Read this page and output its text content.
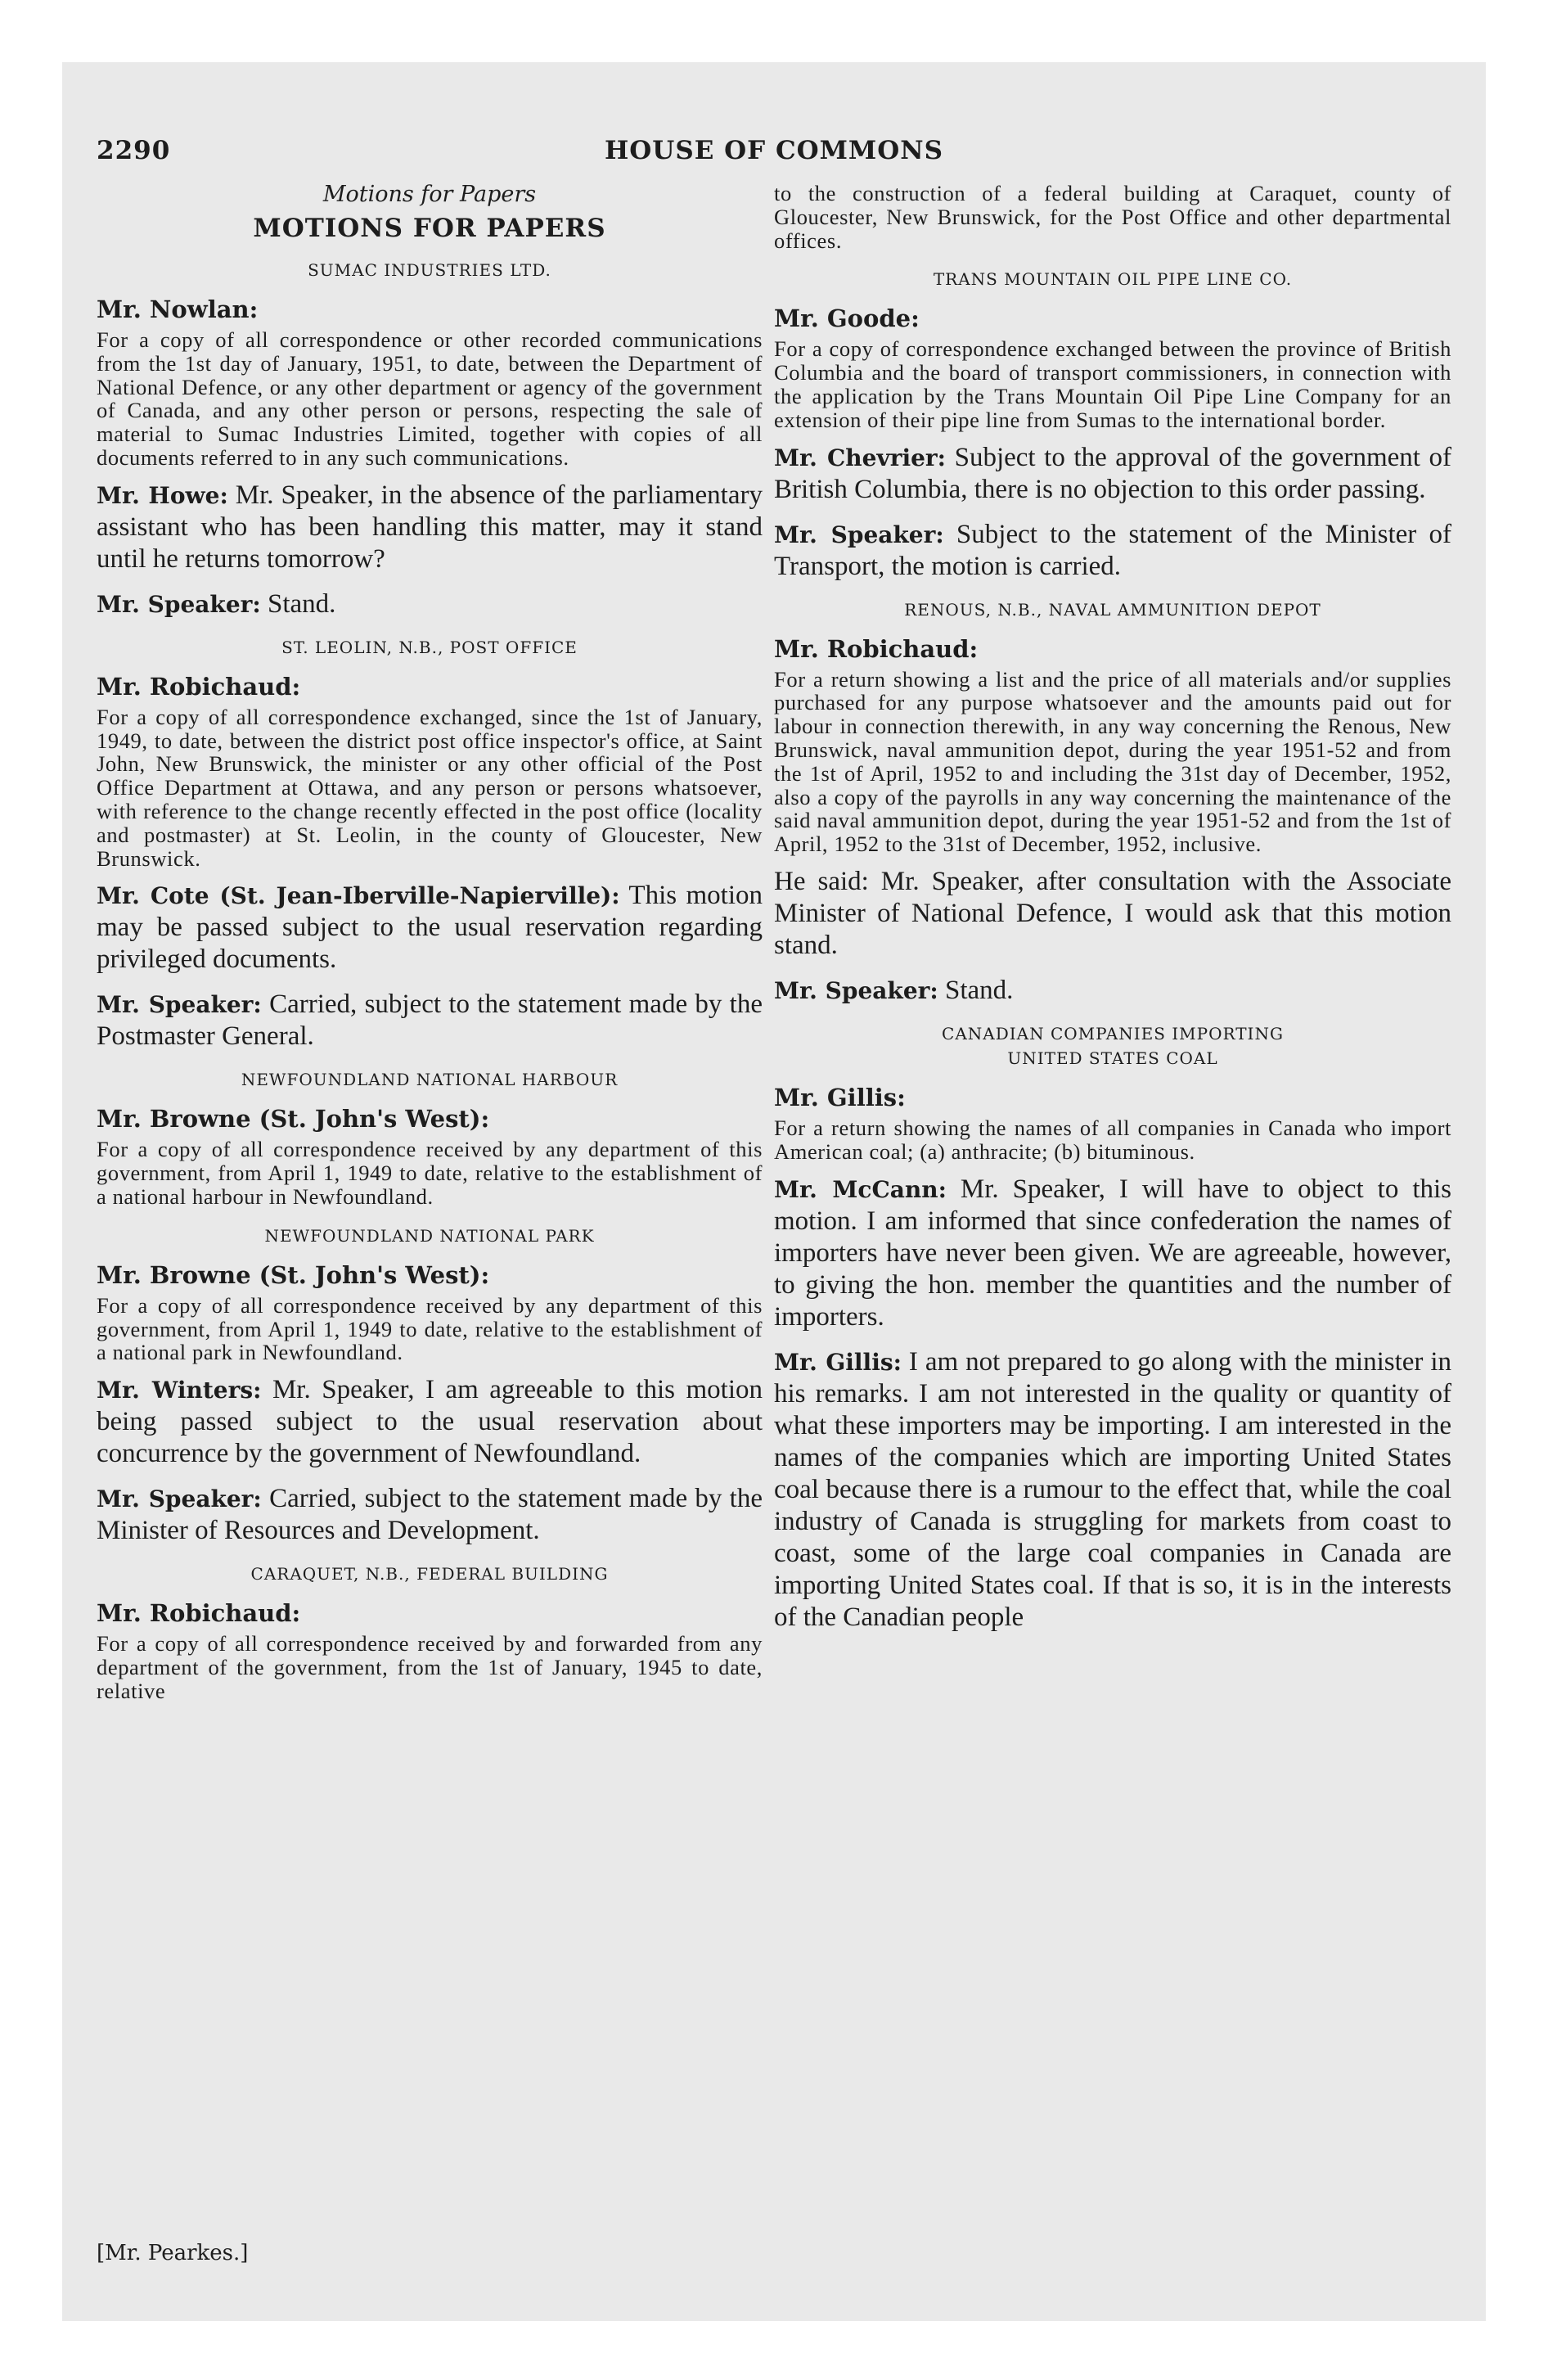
2290	HOUSE OF COMMONS
Motions for Papers
MOTIONS FOR PAPERS
SUMAC INDUSTRIES LTD.
Mr. Nowlan:

For a copy of all correspondence or other recorded communications from the 1st day of January, 1951, to date, between the Department of National Defence, or any other department or agency of the government of Canada, and any other person or persons, respecting the sale of material to Sumac Industries Limited, together with copies of all documents referred to in any such communications.

Mr. Howe: Mr. Speaker, in the absence of the parliamentary assistant who has been handling this matter, may it stand until he returns tomorrow?

Mr. Speaker: Stand.

ST. LEOLIN, N.B., POST OFFICE
Mr. Robichaud:

For a copy of all correspondence exchanged, since the 1st of January, 1949, to date, between the district post office inspector's office, at Saint John, New Brunswick, the minister or any other official of the Post Office Department at Ottawa, and any person or persons whatsoever, with reference to the change recently effected in the post office (locality and postmaster) at St. Leolin, in the county of Gloucester, New Brunswick.

Mr. Cote (St. Jean-Iberville-Napierville): This motion may be passed subject to the usual reservation regarding privileged documents.

Mr. Speaker: Carried, subject to the statement made by the Postmaster General.

NEWFOUNDLAND NATIONAL HARBOUR
Mr. Browne (St. John's West):

For a copy of all correspondence received by any department of this government, from April 1, 1949 to date, relative to the establishment of a national harbour in Newfoundland.

NEWFOUNDLAND NATIONAL PARK
Mr. Browne (St. John's West):

For a copy of all correspondence received by any department of this government, from April 1, 1949 to date, relative to the establishment of a national park in Newfoundland.

Mr. Winters: Mr. Speaker, I am agreeable to this motion being passed subject to the usual reservation about concurrence by the government of Newfoundland.

Mr. Speaker: Carried, subject to the statement made by the Minister of Resources and Development.

CARAQUET, N.B., FEDERAL BUILDING
Mr. Robichaud:

For a copy of all correspondence received by and forwarded from any department of the government, from the 1st of January, 1945 to date, relative

to the construction of a federal building at Caraquet, county of Gloucester, New Brunswick, for the Post Office and other departmental offices.

TRANS MOUNTAIN OIL PIPE LINE CO.
Mr. Goode:

For a copy of correspondence exchanged between the province of British Columbia and the board of transport commissioners, in connection with the application by the Trans Mountain Oil Pipe Line Company for an extension of their pipe line from Sumas to the international border.

Mr. Chevrier: Subject to the approval of the government of British Columbia, there is no objection to this order passing.

Mr. Speaker: Subject to the statement of the Minister of Transport, the motion is carried.

RENOUS, N.B., NAVAL AMMUNITION DEPOT
Mr. Robichaud:

For a return showing a list and the price of all materials and/or supplies purchased for any purpose whatsoever and the amounts paid out for labour in connection therewith, in any way concerning the Renous, New Brunswick, naval ammunition depot, during the year 1951-52 and from the 1st of April, 1952 to and including the 31st day of December, 1952, also a copy of the payrolls in any way concerning the maintenance of the said naval ammunition depot, during the year 1951-52 and from the 1st of April, 1952 to the 31st of December, 1952, inclusive.

He said: Mr. Speaker, after consultation with the Associate Minister of National Defence, I would ask that this motion stand.

Mr. Speaker: Stand.

CANADIAN COMPANIES IMPORTING
UNITED STATES COAL
Mr. Gillis:

For a return showing the names of all companies in Canada who import American coal; (a) anthracite; (b) bituminous.

Mr. McCann: Mr. Speaker, I will have to object to this motion. I am informed that since confederation the names of importers have never been given. We are agreeable, however, to giving the hon. member the quantities and the number of importers.

Mr. Gillis: I am not prepared to go along with the minister in his remarks. I am not interested in the quality or quantity of what these importers may be importing. I am interested in the names of the companies which are importing United States coal because there is a rumour to the effect that, while the coal industry of Canada is struggling for markets from coast to coast, some of the large coal companies in Canada are importing United States coal. If that is so, it is in the interests of the Canadian people

[Mr. Pearkes.]
